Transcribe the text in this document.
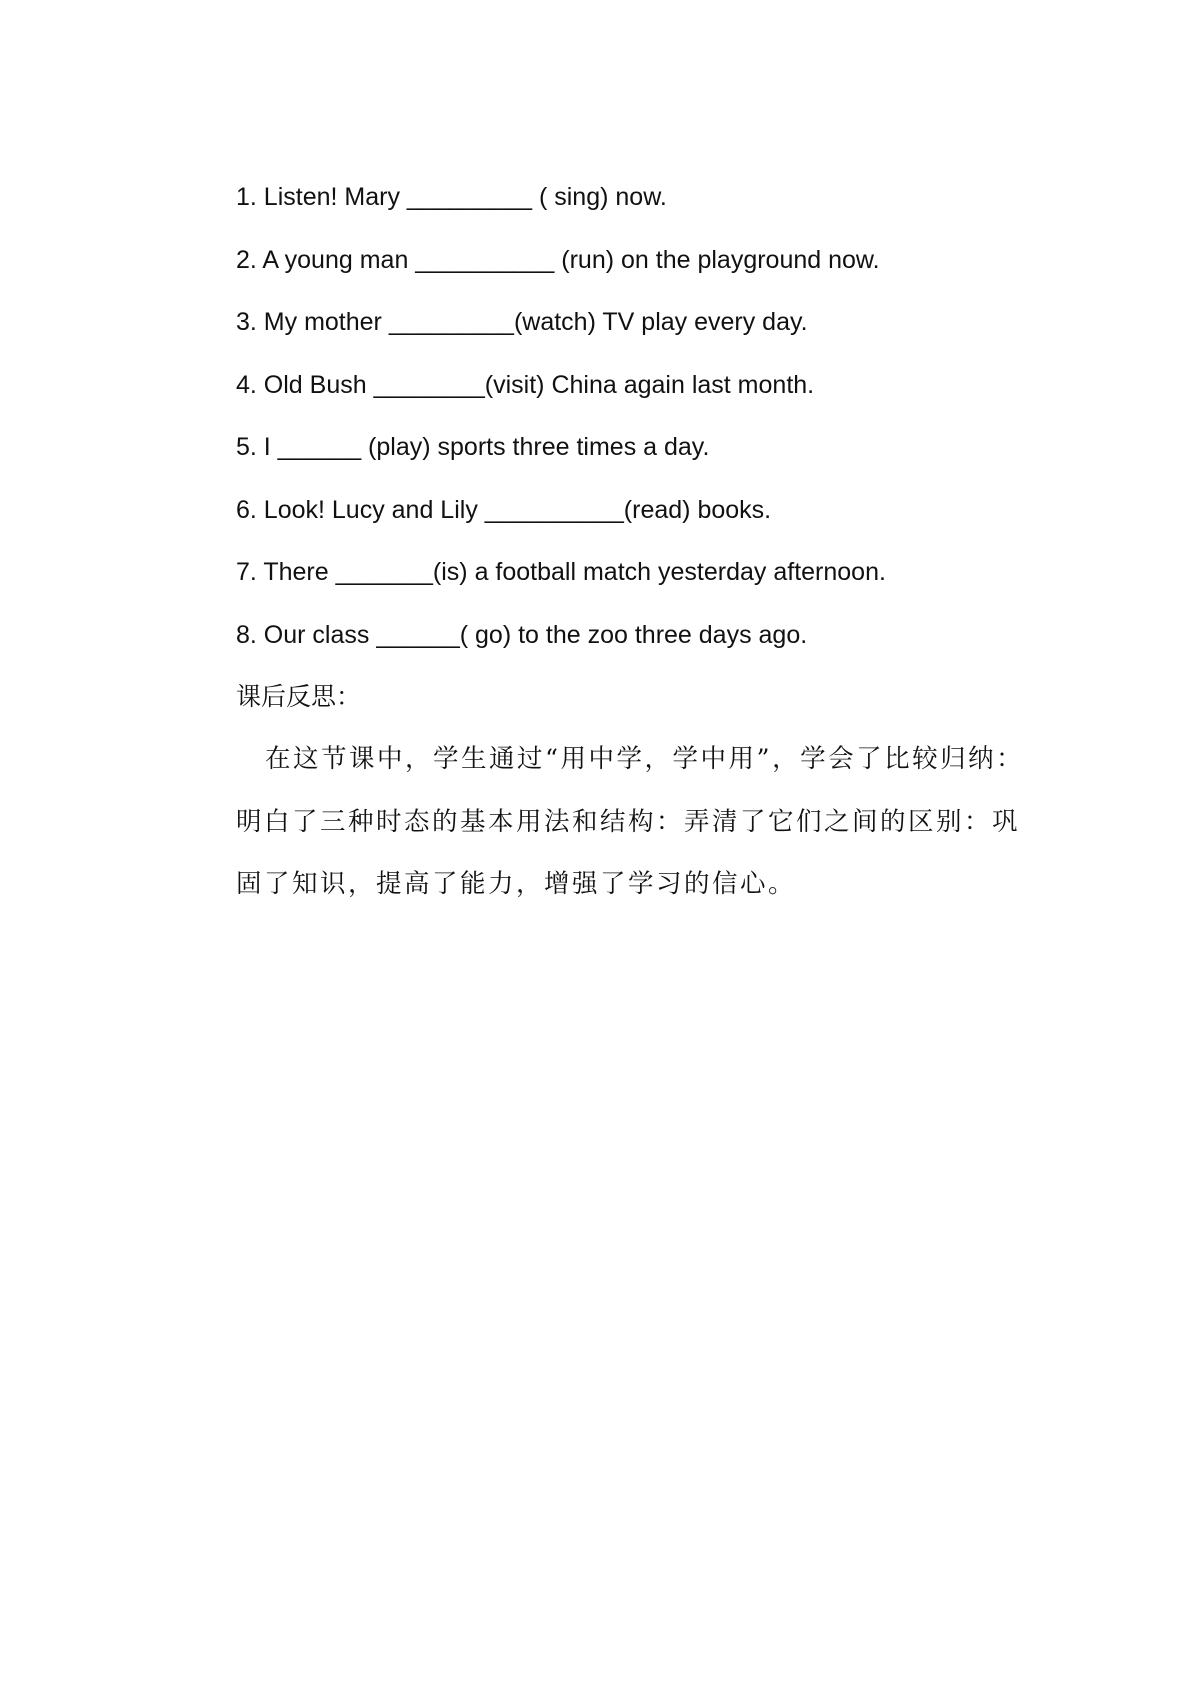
1. Listen! Mary _________ ( sing) now.
2. A young man __________ (run) on the playground now.
3. My mother _________(watch) TV play every day.
4. Old Bush ________(visit) China again last month.
5. I ______ (play) sports three times a day.
6. Look! Lucy and Lily __________(read) books.
7. There _______(is) a football match yesterday afternoon.
8. Our class ______( go) to the zoo three days ago.
课后反思：

在这节课中，学生通过“用中学，学中用”，学会了比较归纳：明白了三种时态的基本用法和结构：弄清了它们之间的区别：巩固了知识，提高了能力，增强了学习的信心。
